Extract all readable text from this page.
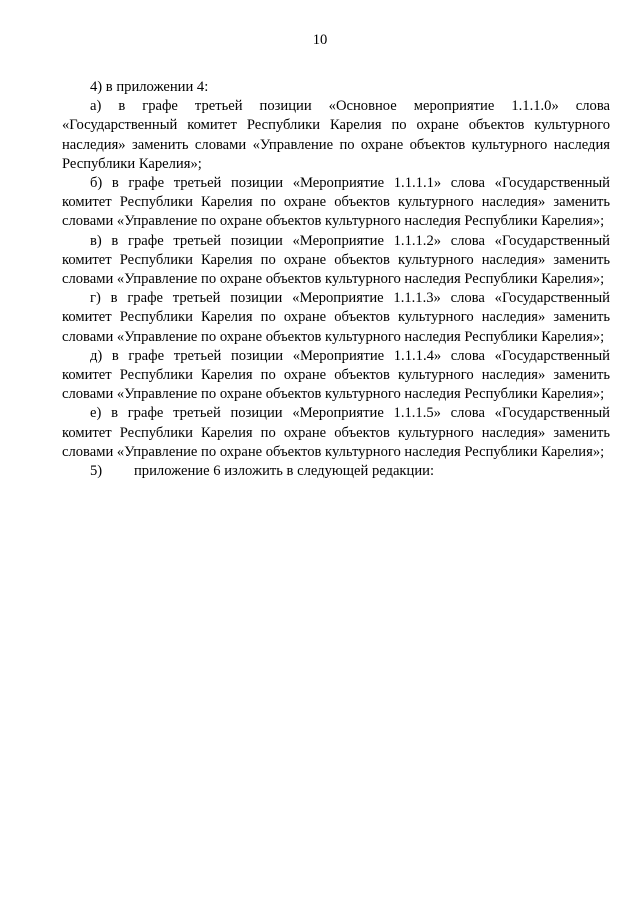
10

4) в приложении 4:

а) в графе третьей позиции «Основное мероприятие 1.1.1.0» слова «Государственный комитет Республики Карелия по охране объектов культурного наследия» заменить словами «Управление по охране объектов культурного наследия Республики Карелия»;

б) в графе третьей позиции «Мероприятие 1.1.1.1» слова «Государственный комитет Республики Карелия по охране объектов культурного наследия» заменить словами «Управление по охране объектов культурного наследия Республики Карелия»;

в) в графе третьей позиции «Мероприятие 1.1.1.2» слова «Государственный комитет Республики Карелия по охране объектов культурного наследия» заменить словами «Управление по охране объектов культурного наследия Республики Карелия»;

г) в графе третьей позиции «Мероприятие 1.1.1.3» слова «Государственный комитет Республики Карелия по охране объектов культурного наследия» заменить словами «Управление по охране объектов культурного наследия Республики Карелия»;

д) в графе третьей позиции «Мероприятие 1.1.1.4» слова «Государственный комитет Республики Карелия по охране объектов культурного наследия» заменить словами «Управление по охране объектов культурного наследия Республики Карелия»;

е) в графе третьей позиции «Мероприятие 1.1.1.5» слова «Государственный комитет Республики Карелия по охране объектов культурного наследия» заменить словами «Управление по охране объектов культурного наследия Республики Карелия»;

5) приложение 6 изложить в следующей редакции:
